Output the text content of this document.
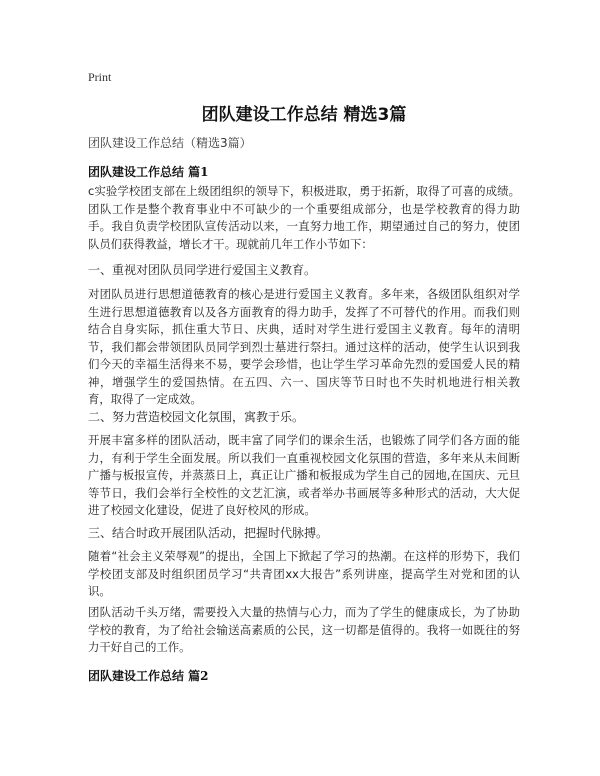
Print
团队建设工作总结 精选3篇
团队建设工作总结（精选3篇）
团队建设工作总结 篇1
c实验学校团支部在上级团组织的领导下，积极进取，勇于拓新，取得了可喜的成绩。团队工作是整个教育事业中不可缺少的一个重要组成部分，也是学校教育的得力助手。我自负责学校团队宣传活动以来，一直努力地工作，期望通过自己的努力，使团队员们获得教益，增长才干。现就前几年工作小节如下：
一、重视对团队员同学进行爱国主义教育。
对团队员进行思想道德教育的核心是进行爱国主义教育。多年来，各级团队组织对学生进行思想道德教育以及各方面教育的得力助手，发挥了不可替代的作用。而我们则结合自身实际，抓住重大节日、庆典，适时对学生进行爱国主义教育。每年的清明节，我们都会带领团队员同学到烈士墓进行祭扫。通过这样的活动，使学生认识到我们今天的幸福生活得来不易，要学会珍惜，也让学生学习革命先烈的爱国爱人民的精神，增强学生的爱国热情。在五四、六一、国庆等节日时也不失时机地进行相关教育，取得了一定成效。
二、努力营造校园文化氛围，寓教于乐。
开展丰富多样的团队活动，既丰富了同学们的课余生活，也锻炼了同学们各方面的能力，有利于学生全面发展。所以我们一直重视校园文化氛围的营造，多年来从未间断广播与板报宣传，并蒸蒸日上，真正让广播和板报成为学生自己的园地,在国庆、元旦等节日，我们会举行全校性的文艺汇演，或者举办书画展等多种形式的活动，大大促进了校园文化建设，促进了良好校风的形成。
三、结合时政开展团队活动，把握时代脉搏。
随着“社会主义荣辱观”的提出，全国上下掀起了学习的热潮。在这样的形势下，我们学校团支部及时组织团员学习“共青团xx大报告”系列讲座，提高学生对党和团的认识。
团队活动千头万绪，需要投入大量的热情与心力，而为了学生的健康成长，为了协助学校的教育，为了给社会输送高素质的公民，这一切都是值得的。我将一如既往的努力干好自己的工作。
团队建设工作总结 篇2
